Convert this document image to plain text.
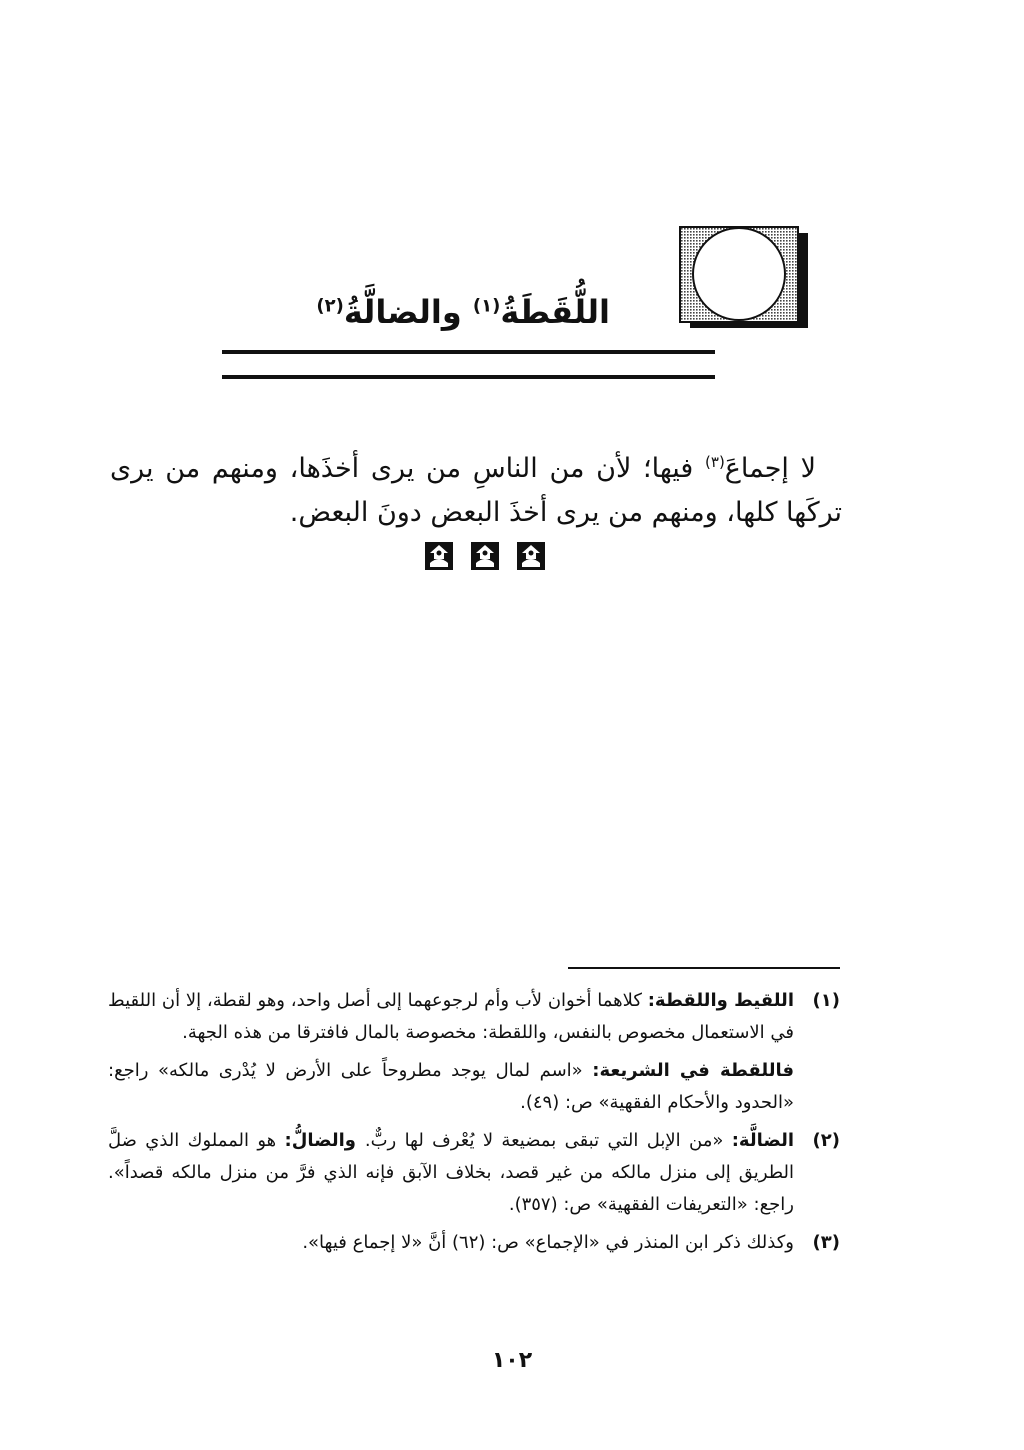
اللُّقَطَةُ$^{(١)}$ والضالَّةُ$^{(٢)}$

لا إجماعَ$^{(٣)}$ فيها؛ لأن من الناسِ من يرى أخذَها، ومنهم من يرى تركَها كلها، ومنهم من يرى أخذَ البعض دونَ البعض.

(١)

اللقيط واللقطة: كلاهما أخوان لأب وأم لرجوعهما إلى أصل واحد، وهو لقطة، إلا أن اللقيط في الاستعمال مخصوص بالنفس، واللقطة: مخصوصة بالمال فافترقا من هذه الجهة.

فاللقطة في الشريعة: «اسم لمال يوجد مطروحاً على الأرض لا يُدْرى مالكه» راجع: «الحدود والأحكام الفقهية» ص: (٤٩).
(٢)

الضالَّة: «من الإبل التي تبقى بمضيعة لا يُعْرف لها ربٌّ. والضالُّ: هو المملوك الذي ضلَّ الطريق إلى منزل مالكه من غير قصد، بخلاف الآبق فإنه الذي فرَّ من منزل مالكه قصداً». راجع: «التعريفات الفقهية» ص: (٣٥٧).

(٣)

وكذلك ذكر ابن المنذر في «الإجماع» ص: (٦٢) أنَّ «لا إجماع فيها».

١٠٢
